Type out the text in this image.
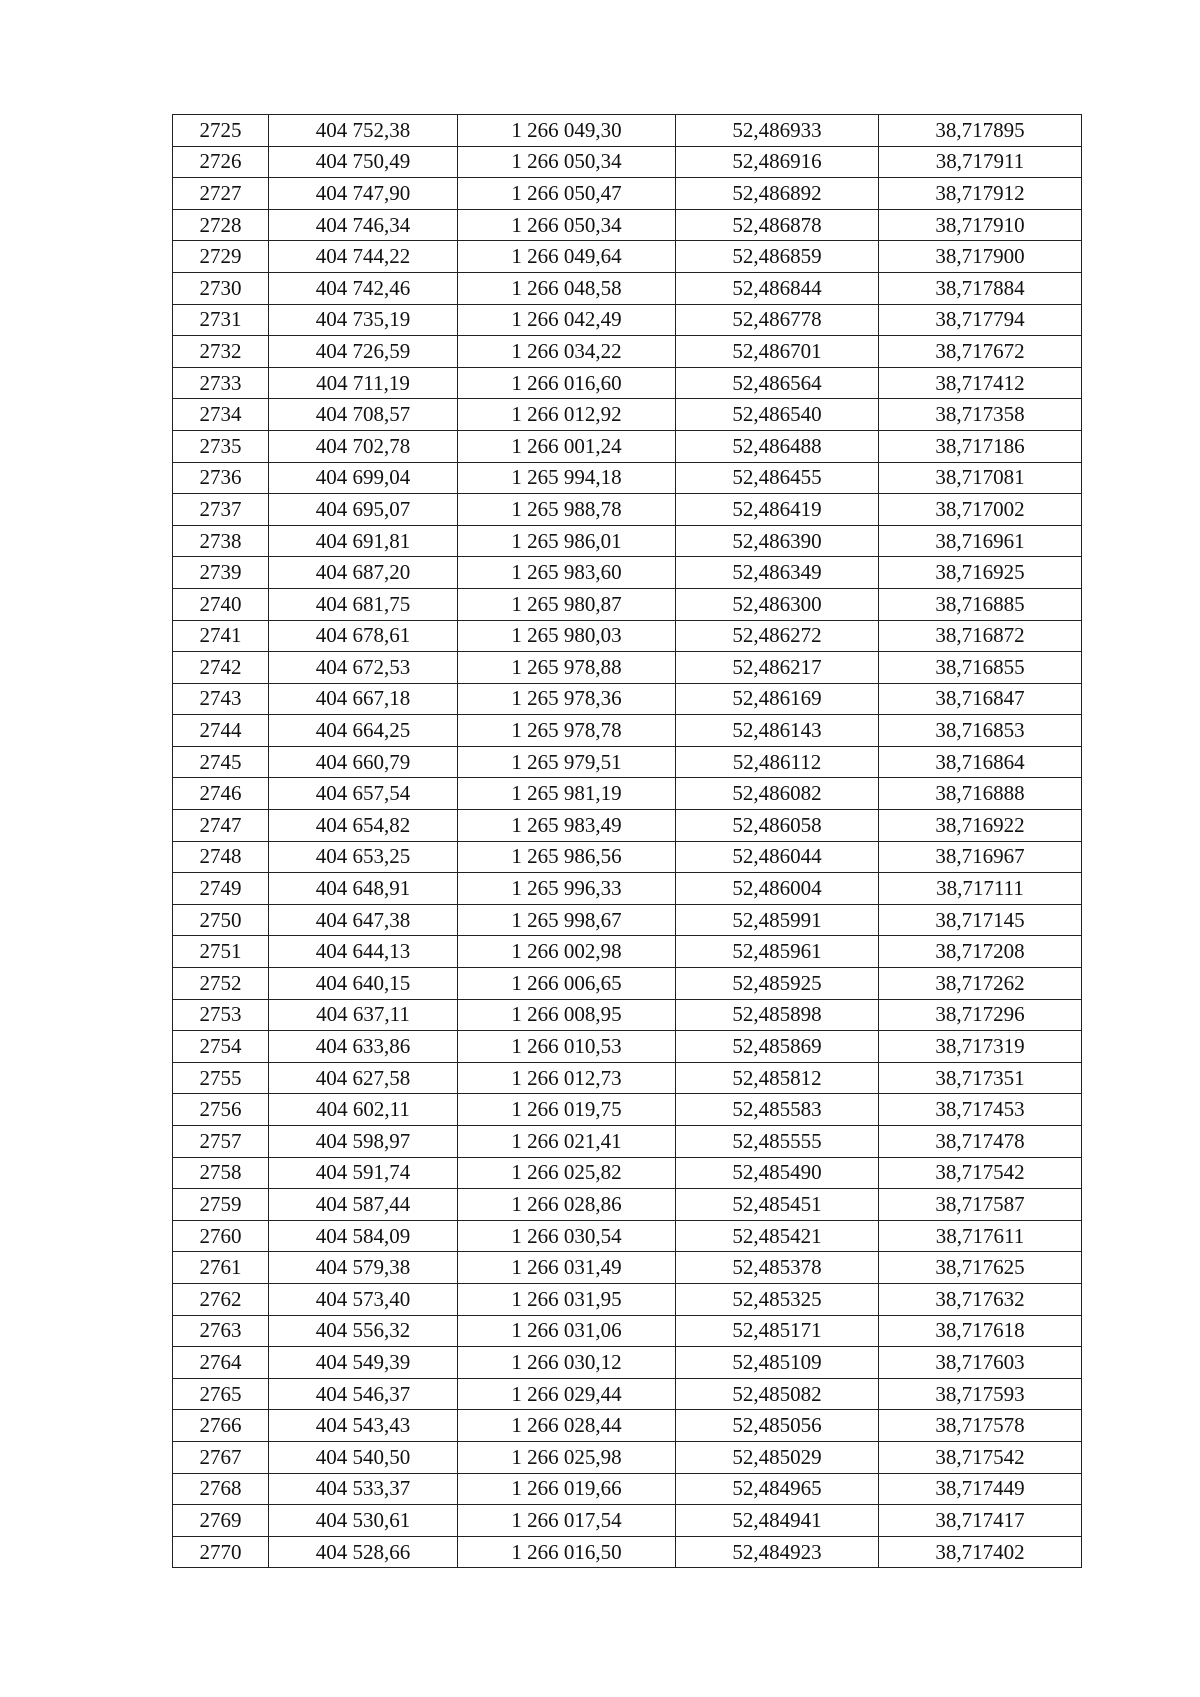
2725	404 752,38	1 266 049,30	52,486933	38,717895
2726	404 750,49	1 266 050,34	52,486916	38,717911
2727	404 747,90	1 266 050,47	52,486892	38,717912
2728	404 746,34	1 266 050,34	52,486878	38,717910
2729	404 744,22	1 266 049,64	52,486859	38,717900
2730	404 742,46	1 266 048,58	52,486844	38,717884
2731	404 735,19	1 266 042,49	52,486778	38,717794
2732	404 726,59	1 266 034,22	52,486701	38,717672
2733	404 711,19	1 266 016,60	52,486564	38,717412
2734	404 708,57	1 266 012,92	52,486540	38,717358
2735	404 702,78	1 266 001,24	52,486488	38,717186
2736	404 699,04	1 265 994,18	52,486455	38,717081
2737	404 695,07	1 265 988,78	52,486419	38,717002
2738	404 691,81	1 265 986,01	52,486390	38,716961
2739	404 687,20	1 265 983,60	52,486349	38,716925
2740	404 681,75	1 265 980,87	52,486300	38,716885
2741	404 678,61	1 265 980,03	52,486272	38,716872
2742	404 672,53	1 265 978,88	52,486217	38,716855
2743	404 667,18	1 265 978,36	52,486169	38,716847
2744	404 664,25	1 265 978,78	52,486143	38,716853
2745	404 660,79	1 265 979,51	52,486112	38,716864
2746	404 657,54	1 265 981,19	52,486082	38,716888
2747	404 654,82	1 265 983,49	52,486058	38,716922
2748	404 653,25	1 265 986,56	52,486044	38,716967
2749	404 648,91	1 265 996,33	52,486004	38,717111
2750	404 647,38	1 265 998,67	52,485991	38,717145
2751	404 644,13	1 266 002,98	52,485961	38,717208
2752	404 640,15	1 266 006,65	52,485925	38,717262
2753	404 637,11	1 266 008,95	52,485898	38,717296
2754	404 633,86	1 266 010,53	52,485869	38,717319
2755	404 627,58	1 266 012,73	52,485812	38,717351
2756	404 602,11	1 266 019,75	52,485583	38,717453
2757	404 598,97	1 266 021,41	52,485555	38,717478
2758	404 591,74	1 266 025,82	52,485490	38,717542
2759	404 587,44	1 266 028,86	52,485451	38,717587
2760	404 584,09	1 266 030,54	52,485421	38,717611
2761	404 579,38	1 266 031,49	52,485378	38,717625
2762	404 573,40	1 266 031,95	52,485325	38,717632
2763	404 556,32	1 266 031,06	52,485171	38,717618
2764	404 549,39	1 266 030,12	52,485109	38,717603
2765	404 546,37	1 266 029,44	52,485082	38,717593
2766	404 543,43	1 266 028,44	52,485056	38,717578
2767	404 540,50	1 266 025,98	52,485029	38,717542
2768	404 533,37	1 266 019,66	52,484965	38,717449
2769	404 530,61	1 266 017,54	52,484941	38,717417
2770	404 528,66	1 266 016,50	52,484923	38,717402
